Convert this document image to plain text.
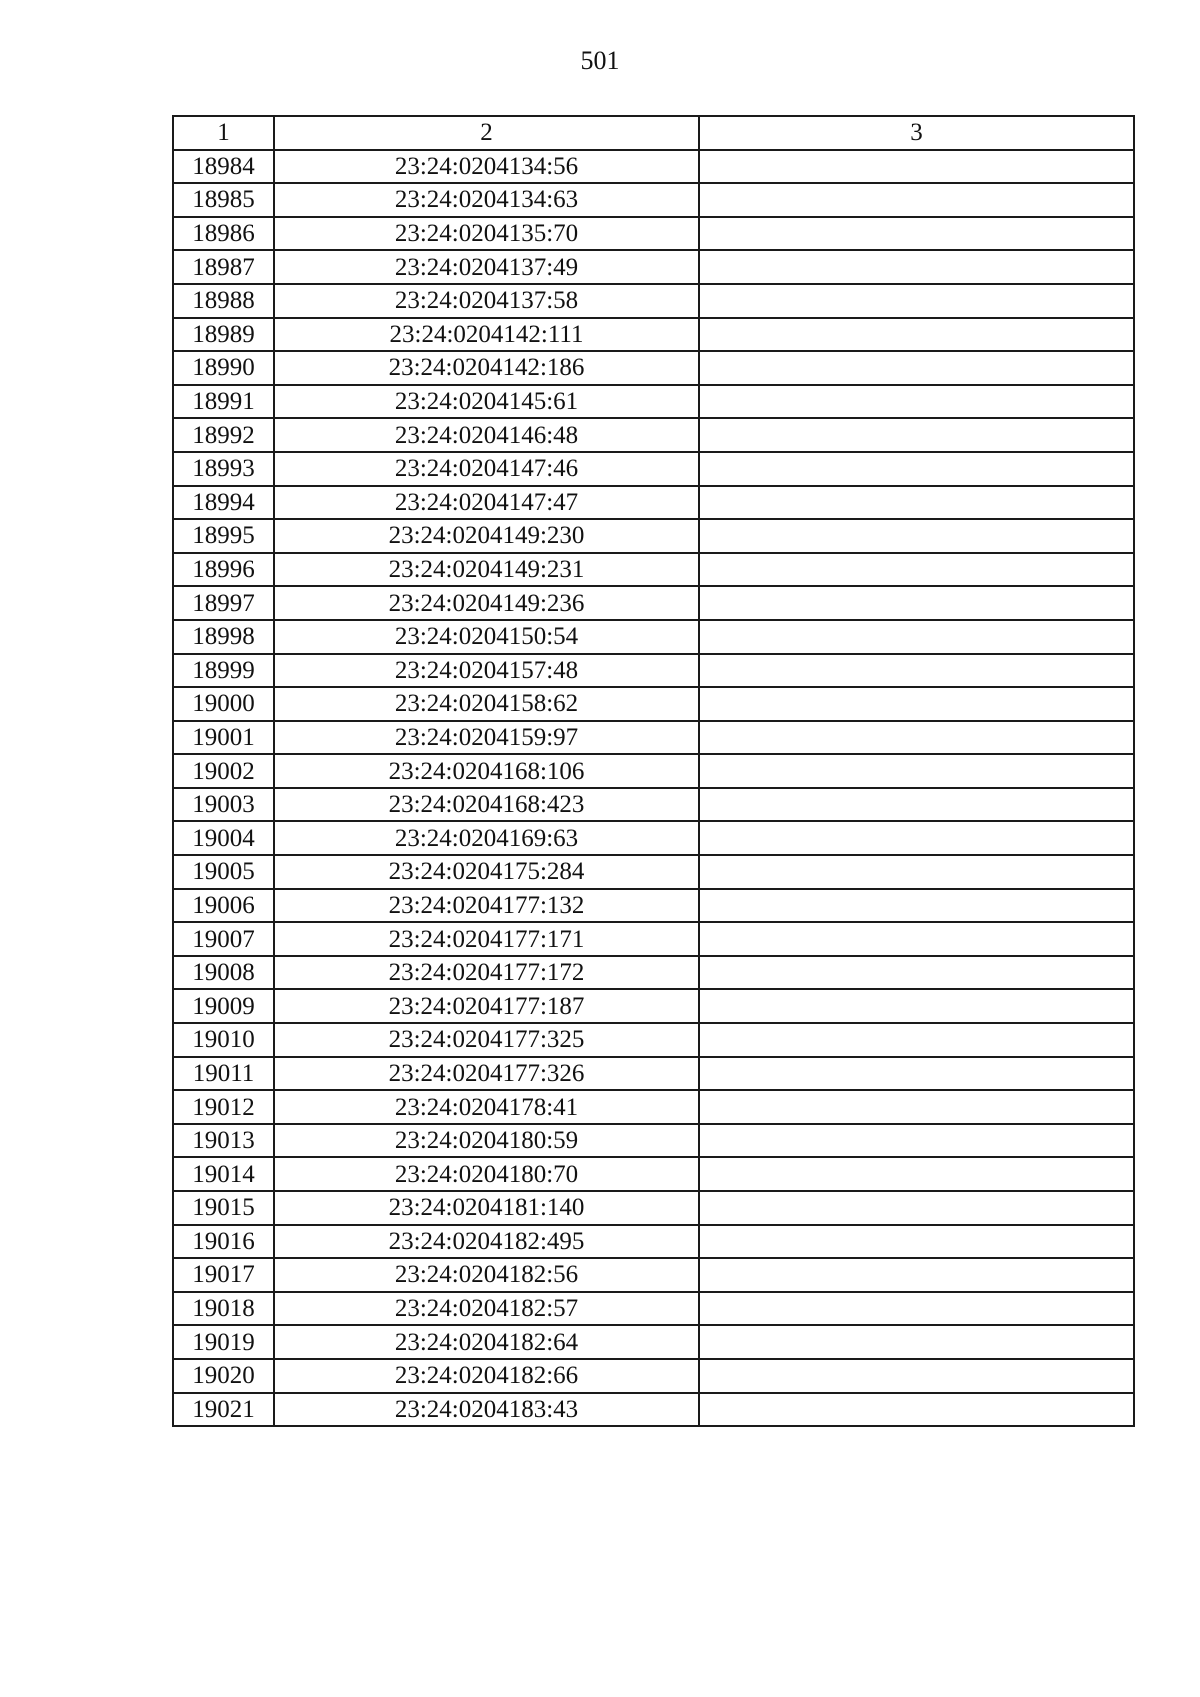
501
1	2	3
18984	23:24:0204134:56	
18985	23:24:0204134:63	
18986	23:24:0204135:70	
18987	23:24:0204137:49	
18988	23:24:0204137:58	
18989	23:24:0204142:111	
18990	23:24:0204142:186	
18991	23:24:0204145:61	
18992	23:24:0204146:48	
18993	23:24:0204147:46	
18994	23:24:0204147:47	
18995	23:24:0204149:230	
18996	23:24:0204149:231	
18997	23:24:0204149:236	
18998	23:24:0204150:54	
18999	23:24:0204157:48	
19000	23:24:0204158:62	
19001	23:24:0204159:97	
19002	23:24:0204168:106	
19003	23:24:0204168:423	
19004	23:24:0204169:63	
19005	23:24:0204175:284	
19006	23:24:0204177:132	
19007	23:24:0204177:171	
19008	23:24:0204177:172	
19009	23:24:0204177:187	
19010	23:24:0204177:325	
19011	23:24:0204177:326	
19012	23:24:0204178:41	
19013	23:24:0204180:59	
19014	23:24:0204180:70	
19015	23:24:0204181:140	
19016	23:24:0204182:495	
19017	23:24:0204182:56	
19018	23:24:0204182:57	
19019	23:24:0204182:64	
19020	23:24:0204182:66	
19021	23:24:0204183:43	
